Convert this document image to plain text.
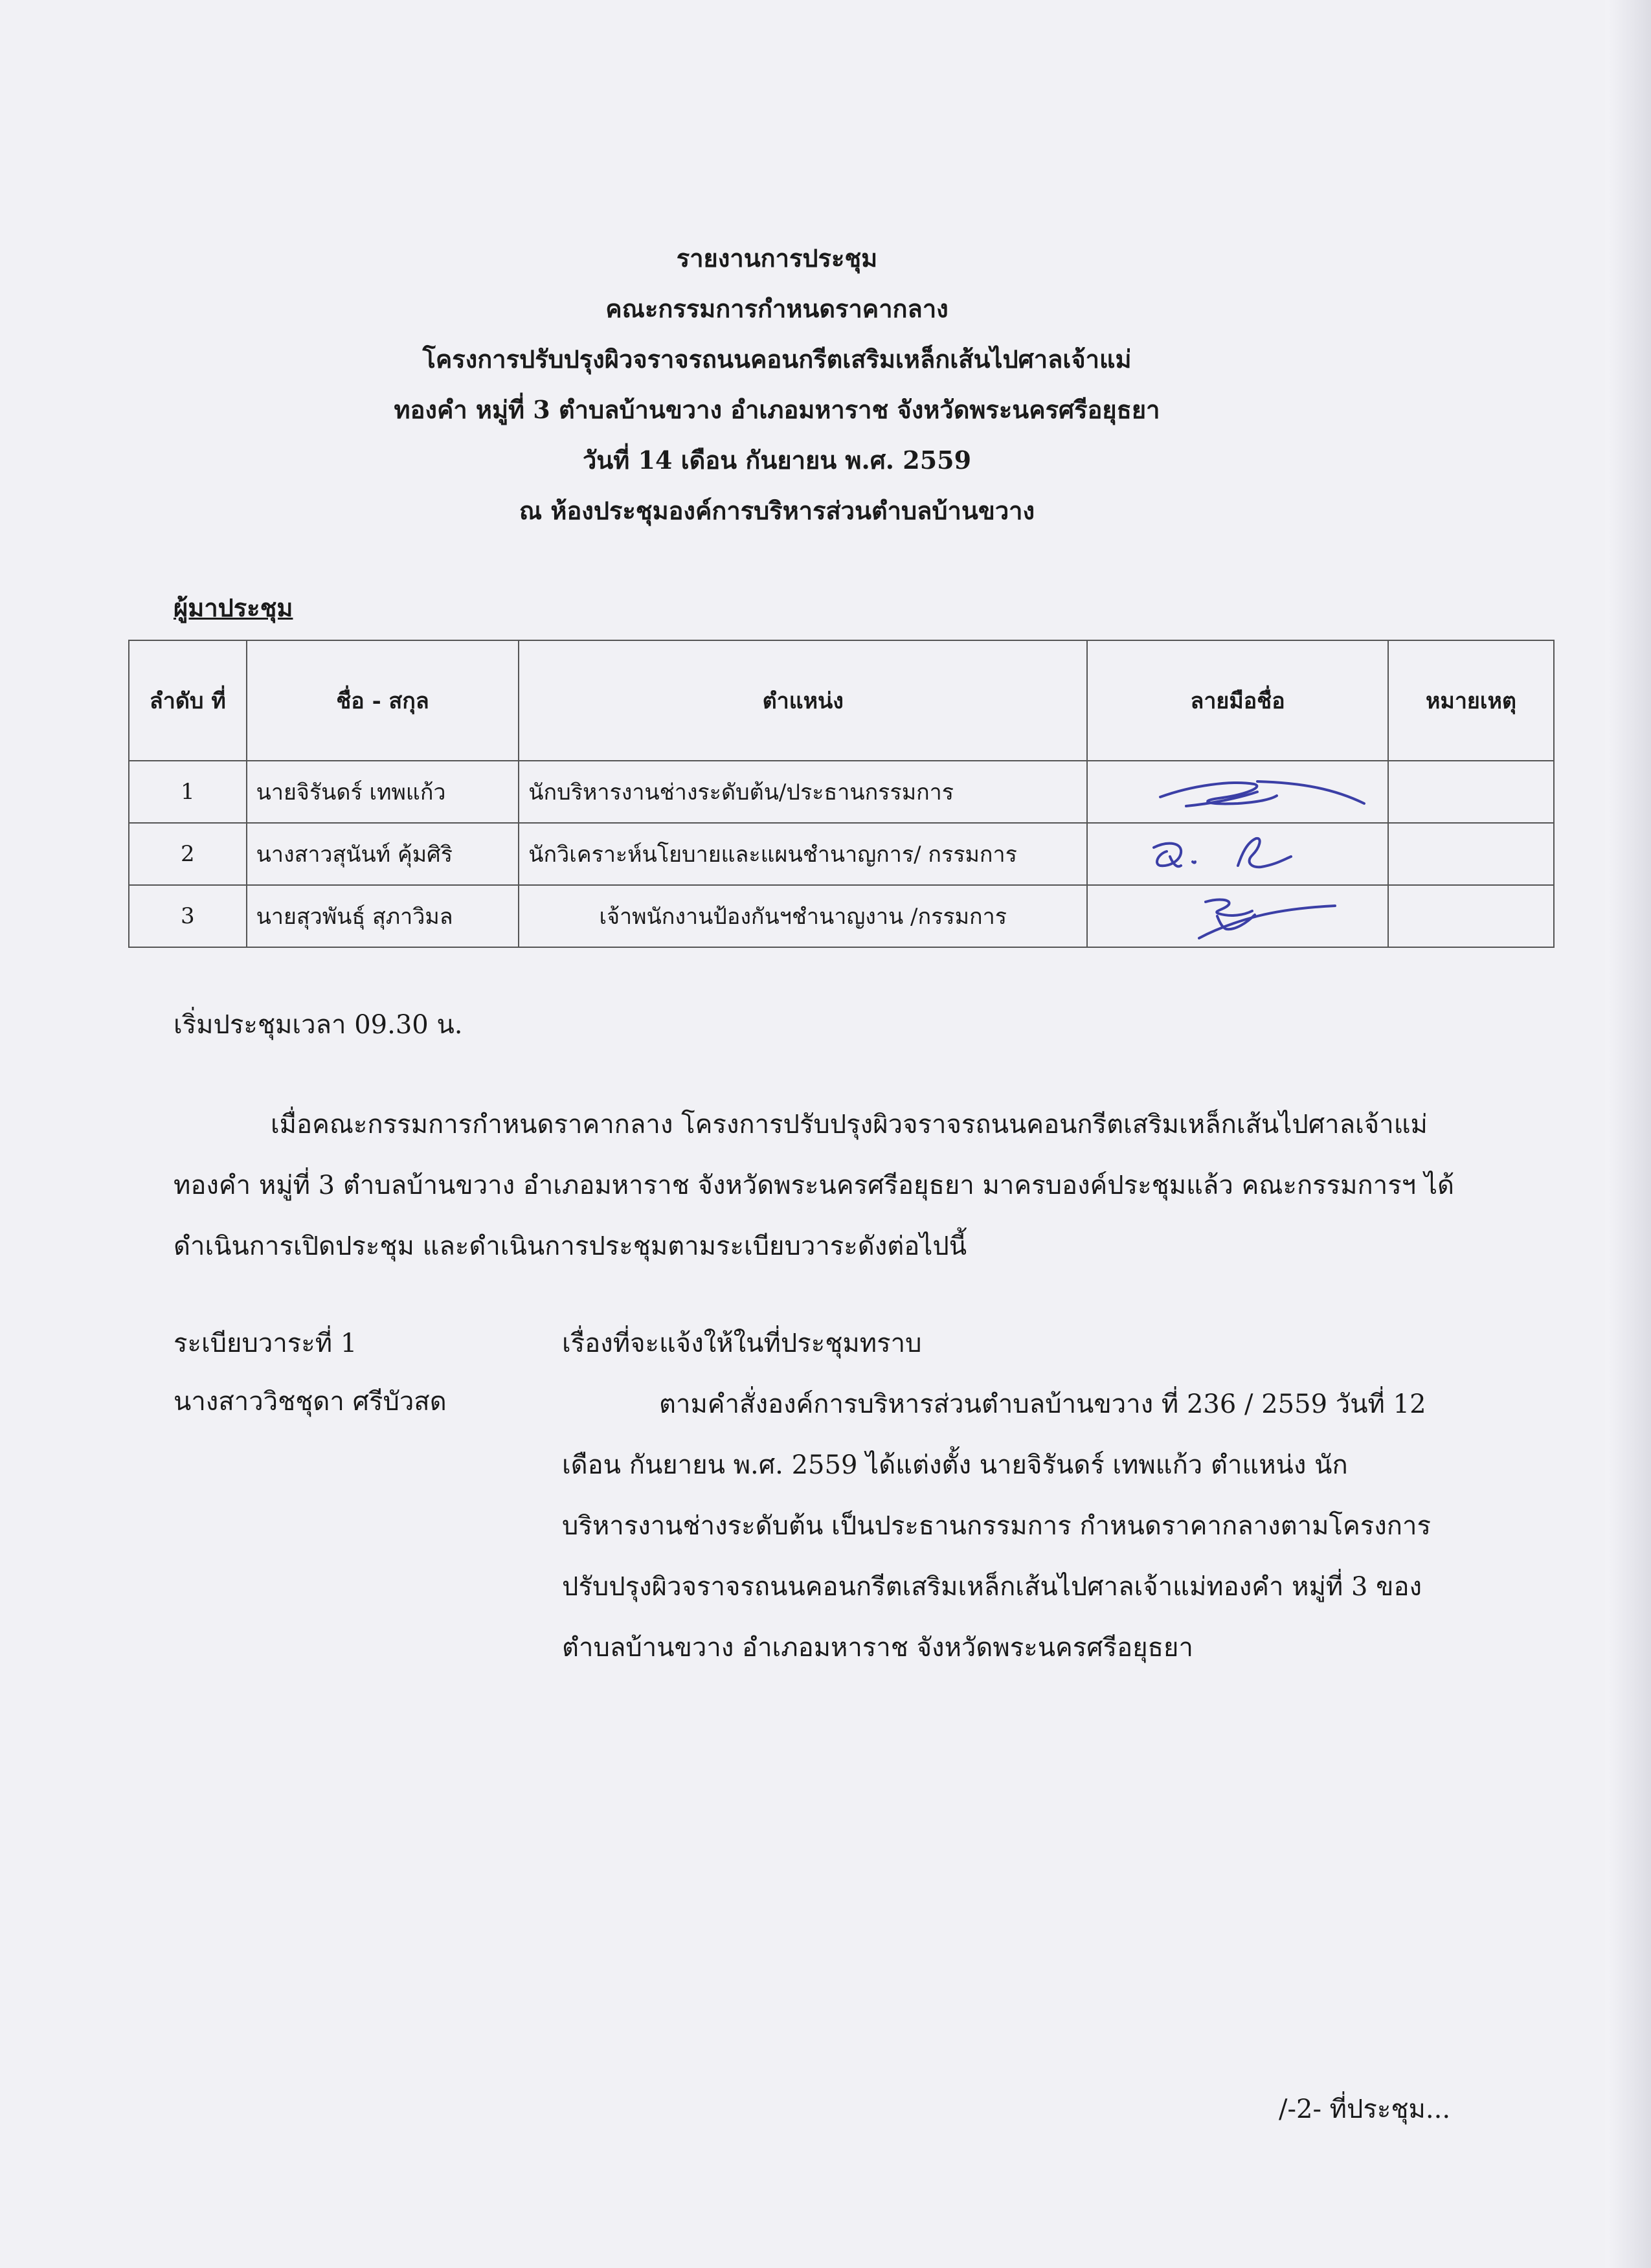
รายงานการประชุม
คณะกรรมการกำหนดราคากลาง
โครงการปรับปรุงผิวจราจรถนนคอนกรีตเสริมเหล็กเส้นไปศาลเจ้าแม่
ทองคำ หมู่ที่ 3 ตำบลบ้านขวาง อำเภอมหาราช จังหวัดพระนครศรีอยุธยา
วันที่ 14 เดือน กันยายน พ.ศ. 2559
ณ ห้องประชุมองค์การบริหารส่วนตำบลบ้านขวาง
ผู้มาประชุม
ลำดับ ที่	ชื่อ - สกุล	ตำแหน่ง	ลายมือชื่อ	หมายเหตุ
1	นายจิรันดร์ เทพแก้ว	นักบริหารงานช่างระดับต้น/ประธานกรรมการ	

2	นางสาวสุนันท์ คุ้มศิริ	นักวิเคราะห์นโยบายและแผนชำนาญการ/ กรรมการ	

3	นายสุวพันธุ์ สุภาวิมล	เจ้าพนักงานป้องกันฯชำนาญงาน /กรรมการ	

เริ่มประชุมเวลา 09.30 น.
เมื่อคณะกรรมการกำหนดราคากลาง โครงการปรับปรุงผิวจราจรถนนคอนกรีตเสริมเหล็กเส้นไปศาลเจ้าแม่
ทองคำ หมู่ที่ 3 ตำบลบ้านขวาง อำเภอมหาราช จังหวัดพระนครศรีอยุธยา มาครบองค์ประชุมแล้ว คณะกรรมการฯ ได้
ดำเนินการเปิดประชุม และดำเนินการประชุมตามระเบียบวาระดังต่อไปนี้
ระเบียบวาระที่ 1
นางสาววิชชุดา ศรีบัวสด
เรื่องที่จะแจ้งให้ในที่ประชุมทราบ
ตามคำสั่งองค์การบริหารส่วนตำบลบ้านขวาง ที่ 236 / 2559 วันที่ 12
เดือน กันยายน พ.ศ. 2559 ได้แต่งตั้ง นายจิรันดร์ เทพแก้ว ตำแหน่ง นัก
บริหารงานช่างระดับต้น เป็นประธานกรรมการ กำหนดราคากลางตามโครงการ
ปรับปรุงผิวจราจรถนนคอนกรีตเสริมเหล็กเส้นไปศาลเจ้าแม่ทองคำ หมู่ที่ 3 ของ
ตำบลบ้านขวาง อำเภอมหาราช จังหวัดพระนครศรีอยุธยา
/-2- ที่ประชุม...
